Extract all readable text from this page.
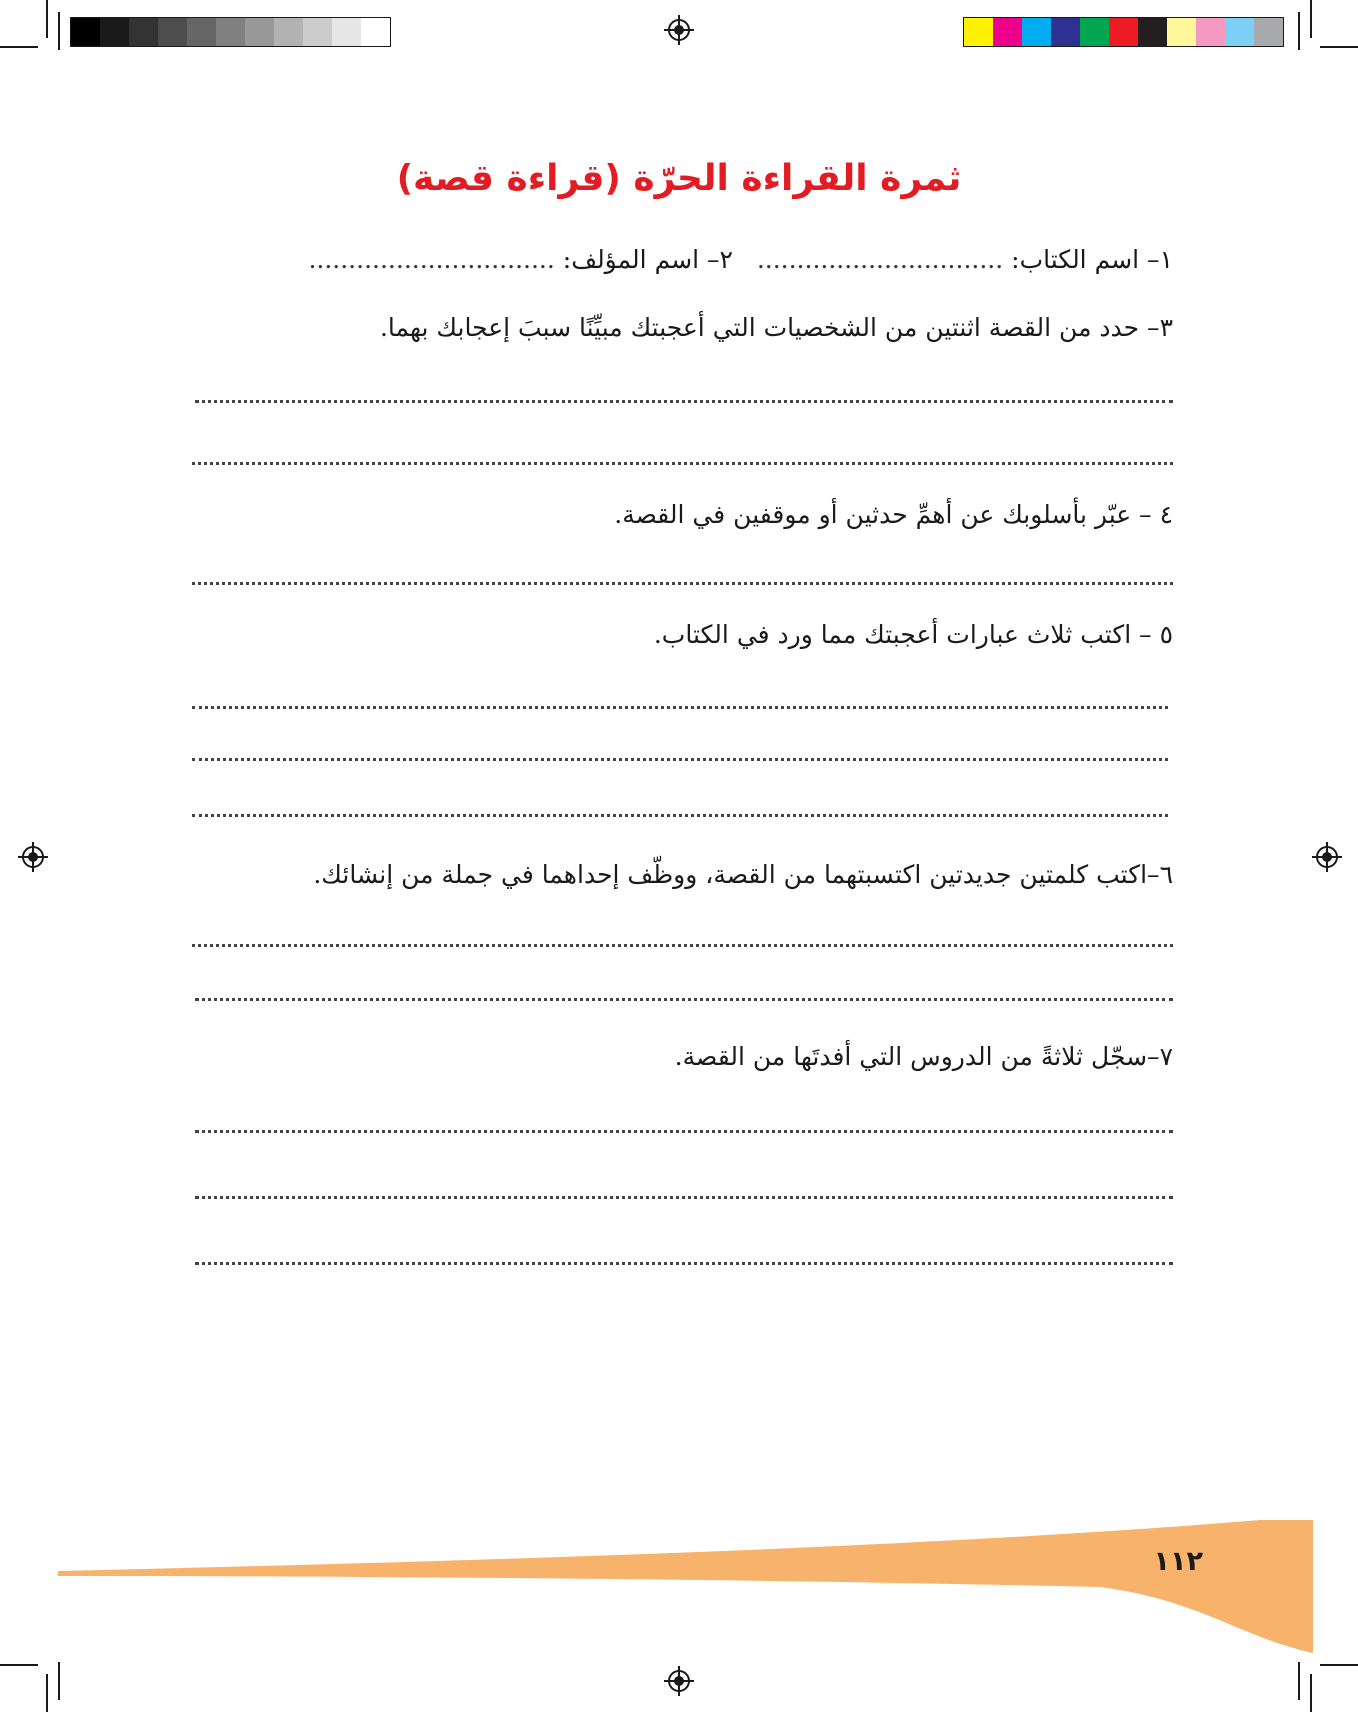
ثمرة القراءة الحرّة (قراءة قصة)
١– اسم الكتاب: ...............................   ٢– اسم المؤلف: ...............................
٣– حدد من القصة اثنتين من الشخصيات التي أعجبتك مبيِّنًا سببَ إعجابك بهما.
٤ – عبّر بأسلوبك عن أهمِّ حدثين أو موقفين في القصة.
٥ – اكتب ثلاث عبارات أعجبتك مما ورد في الكتاب.
٦–اكتب كلمتين جديدتين اكتسبتهما من القصة، ووظّف إحداهما في جملة من إنشائك.
٧–سجّل ثلاثةً من الدروس التي أفدتَها من القصة.
١١٢
